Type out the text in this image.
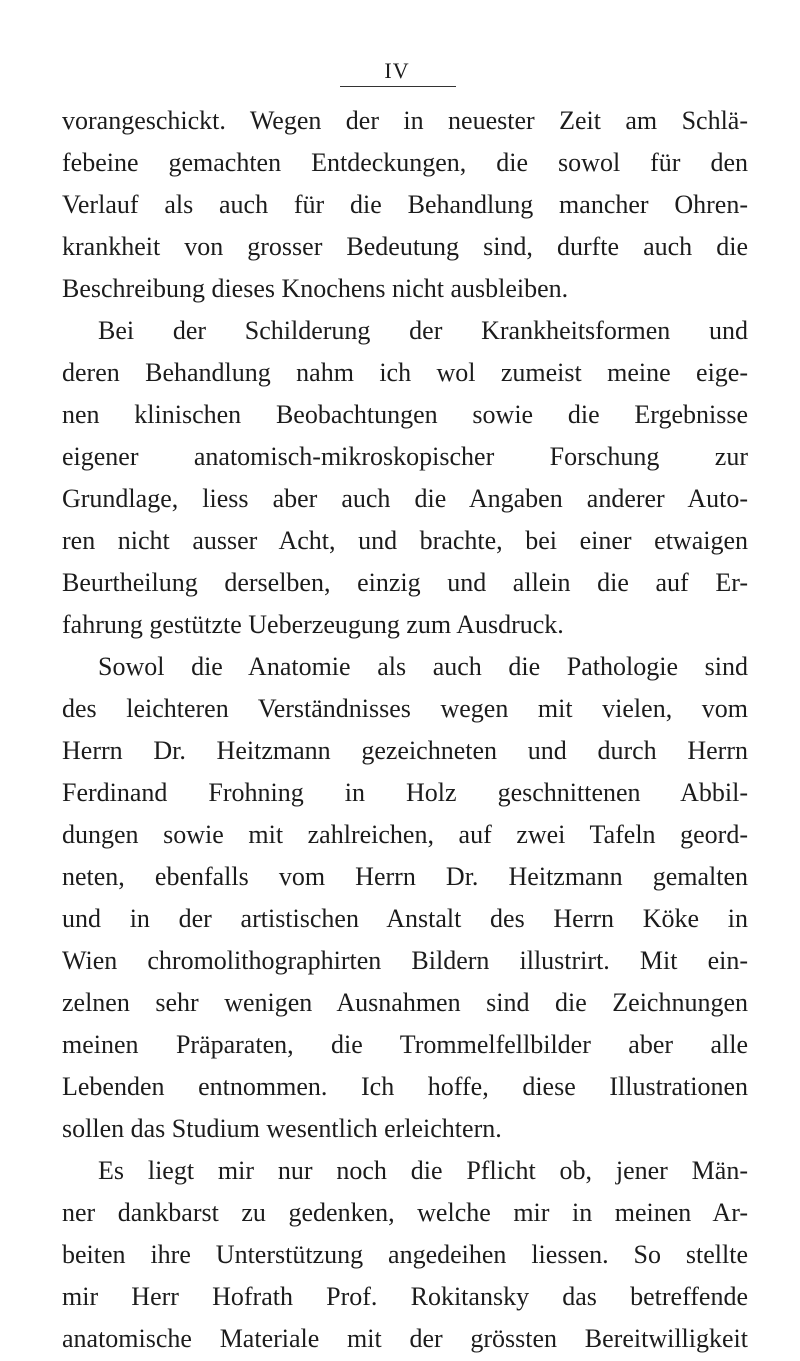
IV
vorangeschickt. Wegen der in neuester Zeit am Schlä-
febeine gemachten Entdeckungen, die sowol für den
Verlauf als auch für die Behandlung mancher Ohren-
krankheit von grosser Bedeutung sind, durfte auch die
Beschreibung dieses Knochens nicht ausbleiben.
Bei der Schilderung der Krankheitsformen und
deren Behandlung nahm ich wol zumeist meine eige-
nen klinischen Beobachtungen sowie die Ergebnisse
eigener anatomisch-mikroskopischer Forschung zur
Grundlage, liess aber auch die Angaben anderer Auto-
ren nicht ausser Acht, und brachte, bei einer etwaigen
Beurtheilung derselben, einzig und allein die auf Er-
fahrung gestützte Ueberzeugung zum Ausdruck.
Sowol die Anatomie als auch die Pathologie sind
des leichteren Verständnisses wegen mit vielen, vom
Herrn Dr. Heitzmann gezeichneten und durch Herrn
Ferdinand Frohning in Holz geschnittenen Abbil-
dungen sowie mit zahlreichen, auf zwei Tafeln geord-
neten, ebenfalls vom Herrn Dr. Heitzmann gemalten
und in der artistischen Anstalt des Herrn Köke in
Wien chromolithographirten Bildern illustrirt. Mit ein-
zelnen sehr wenigen Ausnahmen sind die Zeichnungen
meinen Präparaten, die Trommelfellbilder aber alle
Lebenden entnommen. Ich hoffe, diese Illustrationen
sollen das Studium wesentlich erleichtern.
Es liegt mir nur noch die Pflicht ob, jener Män-
ner dankbarst zu gedenken, welche mir in meinen Ar-
beiten ihre Unterstützung angedeihen liessen. So stellte
mir Herr Hofrath Prof. Rokitansky das betreffende
anatomische Materiale mit der grössten Bereitwilligkeit
